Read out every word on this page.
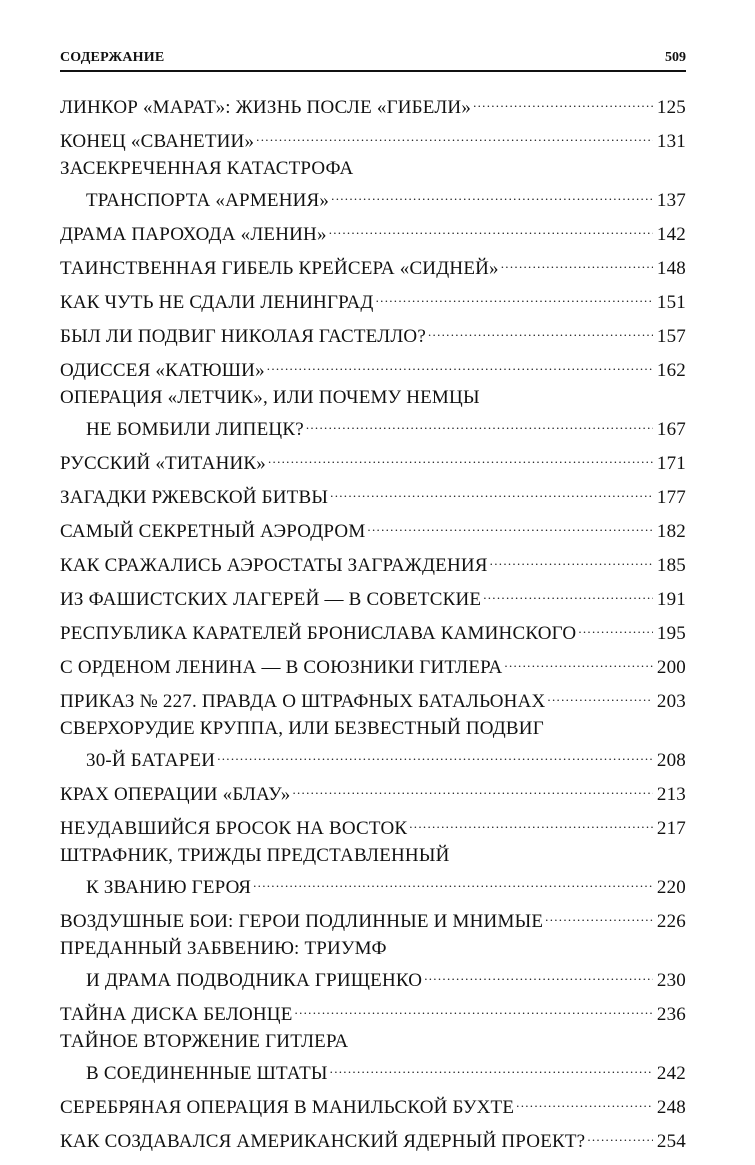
СОДЕРЖАНИЕ	509
ЛИНКОР «МАРАТ»: ЖИЗНЬ ПОСЛЕ «ГИБЕЛИ» .....	125
КОНЕЦ «СВАНЕТИИ» .....	131
ЗАСЕКРЕЧЕННАЯ КАТАСТРОФА
ТРАНСПОРТА «АРМЕНИЯ» .....	137
ДРАМА ПАРОХОДА «ЛЕНИН» .....	142
ТАИНСТВЕННАЯ ГИБЕЛЬ КРЕЙСЕРА «СИДНЕЙ» .....	148
КАК ЧУТЬ НЕ СДАЛИ ЛЕНИНГРАД .....	151
БЫЛ ЛИ ПОДВИГ НИКОЛАЯ ГАСТЕЛЛО? .....	157
ОДИССЕЯ «КАТЮШИ» .....	162
ОПЕРАЦИЯ «ЛЕТЧИК», ИЛИ ПОЧЕМУ НЕМЦЫ
НЕ БОМБИЛИ ЛИПЕЦК? .....	167
РУССКИЙ «ТИТАНИК» .....	171
ЗАГАДКИ РЖЕВСКОЙ БИТВЫ .....	177
САМЫЙ СЕКРЕТНЫЙ АЭРОДРОМ .....	182
КАК СРАЖАЛИСЬ АЭРОСТАТЫ ЗАГРАЖДЕНИЯ .....	185
ИЗ ФАШИСТСКИХ ЛАГЕРЕЙ — В СОВЕТСКИЕ .....	191
РЕСПУБЛИКА КАРАТЕЛЕЙ БРОНИСЛАВА КАМИНСКОГО .....	195
С ОРДЕНОМ ЛЕНИНА — В СОЮЗНИКИ ГИТЛЕРА .....	200
ПРИКАЗ № 227. ПРАВДА О ШТРАФНЫХ БАТАЛЬОНАХ .....	203
СВЕРХОРУДИЕ КРУППА, ИЛИ БЕЗВЕСТНЫЙ ПОДВИГ
30-Й БАТАРЕИ .....	208
КРАХ ОПЕРАЦИИ «БЛАУ» .....	213
НЕУДАВШИЙСЯ БРОСОК НА ВОСТОК .....	217
ШТРАФНИК, ТРИЖДЫ ПРЕДСТАВЛЕННЫЙ
К ЗВАНИЮ ГЕРОЯ .....	220
ВОЗДУШНЫЕ БОИ: ГЕРОИ ПОДЛИННЫЕ И МНИМЫЕ .....	226
ПРЕДАННЫЙ ЗАБВЕНИЮ: ТРИУМФ
И ДРАМА ПОДВОДНИКА ГРИЩЕНКО .....	230
ТАЙНА ДИСКА БЕЛОНЦЕ .....	236
ТАЙНОЕ ВТОРЖЕНИЕ ГИТЛЕРА
В СОЕДИНЕННЫЕ ШТАТЫ .....	242
СЕРЕБРЯНАЯ ОПЕРАЦИЯ В МАНИЛЬСКОЙ БУХТЕ .....	248
КАК СОЗДАВАЛСЯ АМЕРИКАНСКИЙ ЯДЕРНЫЙ ПРОЕКТ? .....	254
